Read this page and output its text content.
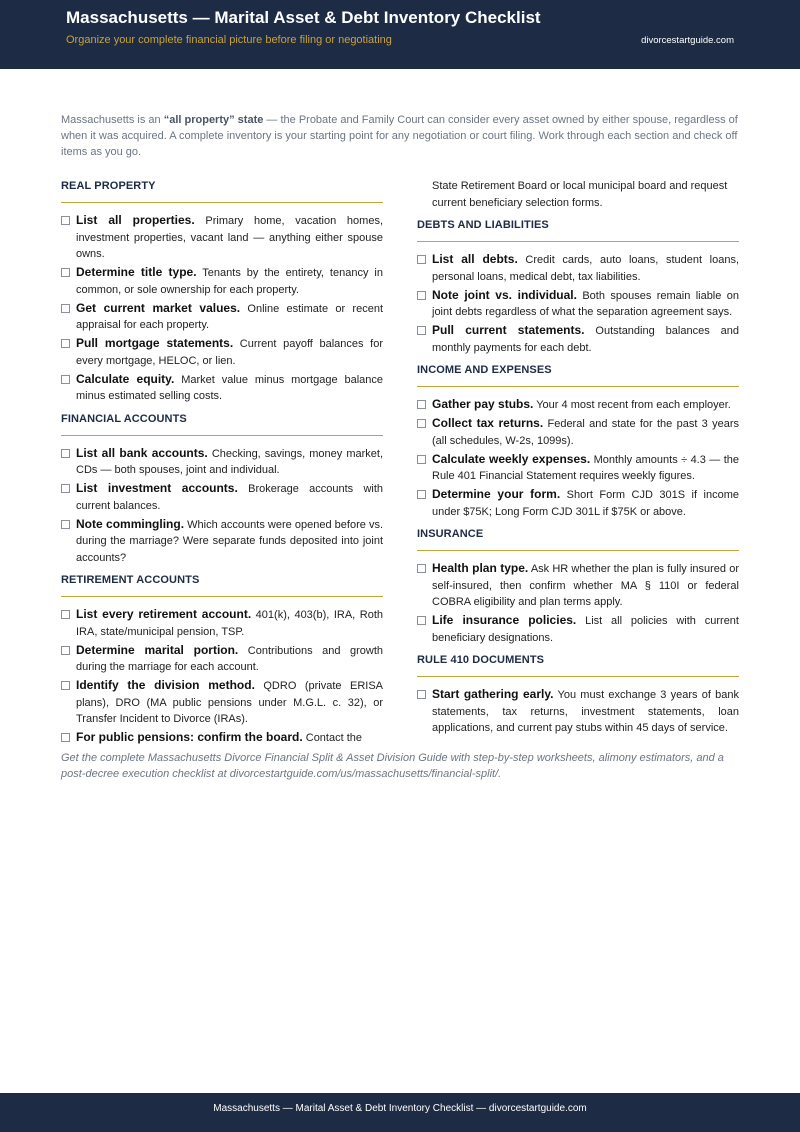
Massachusetts — Marital Asset & Debt Inventory Checklist
Organize your complete financial picture before filing or negotiating	divorcestartguide.com
Massachusetts is an “all property” state — the Probate and Family Court can consider every asset owned by either spouse, regardless of when it was acquired. A complete inventory is your starting point for any negotiation or court filing. Work through each section and check off items as you go.
REAL PROPERTY
List all properties. Primary home, vacation homes, investment properties, vacant land — anything either spouse owns.
Determine title type. Tenants by the entirety, tenancy in common, or sole ownership for each property.
Get current market values. Online estimate or recent appraisal for each property.
Pull mortgage statements. Current payoff balances for every mortgage, HELOC, or lien.
Calculate equity. Market value minus mortgage balance minus estimated selling costs.
FINANCIAL ACCOUNTS
List all bank accounts. Checking, savings, money market, CDs — both spouses, joint and individual.
List investment accounts. Brokerage accounts with current balances.
Note commingling. Which accounts were opened before vs. during the marriage? Were separate funds deposited into joint accounts?
RETIREMENT ACCOUNTS
List every retirement account. 401(k), 403(b), IRA, Roth IRA, state/municipal pension, TSP.
Determine marital portion. Contributions and growth during the marriage for each account.
Identify the division method. QDRO (private ERISA plans), DRO (MA public pensions under M.G.L. c. 32), or Transfer Incident to Divorce (IRAs).
For public pensions: confirm the board. Contact the
State Retirement Board or local municipal board and request current beneficiary selection forms.
DEBTS AND LIABILITIES
List all debts. Credit cards, auto loans, student loans, personal loans, medical debt, tax liabilities.
Note joint vs. individual. Both spouses remain liable on joint debts regardless of what the separation agreement says.
Pull current statements. Outstanding balances and monthly payments for each debt.
INCOME AND EXPENSES
Gather pay stubs. Your 4 most recent from each employer.
Collect tax returns. Federal and state for the past 3 years (all schedules, W-2s, 1099s).
Calculate weekly expenses. Monthly amounts ÷ 4.3 — the Rule 401 Financial Statement requires weekly figures.
Determine your form. Short Form CJD 301S if income under $75K; Long Form CJD 301L if $75K or above.
INSURANCE
Health plan type. Ask HR whether the plan is fully insured or self-insured, then confirm whether MA § 110I or federal COBRA eligibility and plan terms apply.
Life insurance policies. List all policies with current beneficiary designations.
RULE 410 DOCUMENTS
Start gathering early. You must exchange 3 years of bank statements, tax returns, investment statements, loan applications, and current pay stubs within 45 days of service.
Get the complete Massachusetts Divorce Financial Split & Asset Division Guide with step-by-step worksheets, alimony estimators, and a post-decree execution checklist at divorcestartguide.com/us/massachusetts/financial-split/.
Massachusetts — Marital Asset & Debt Inventory Checklist — divorcestartguide.com
